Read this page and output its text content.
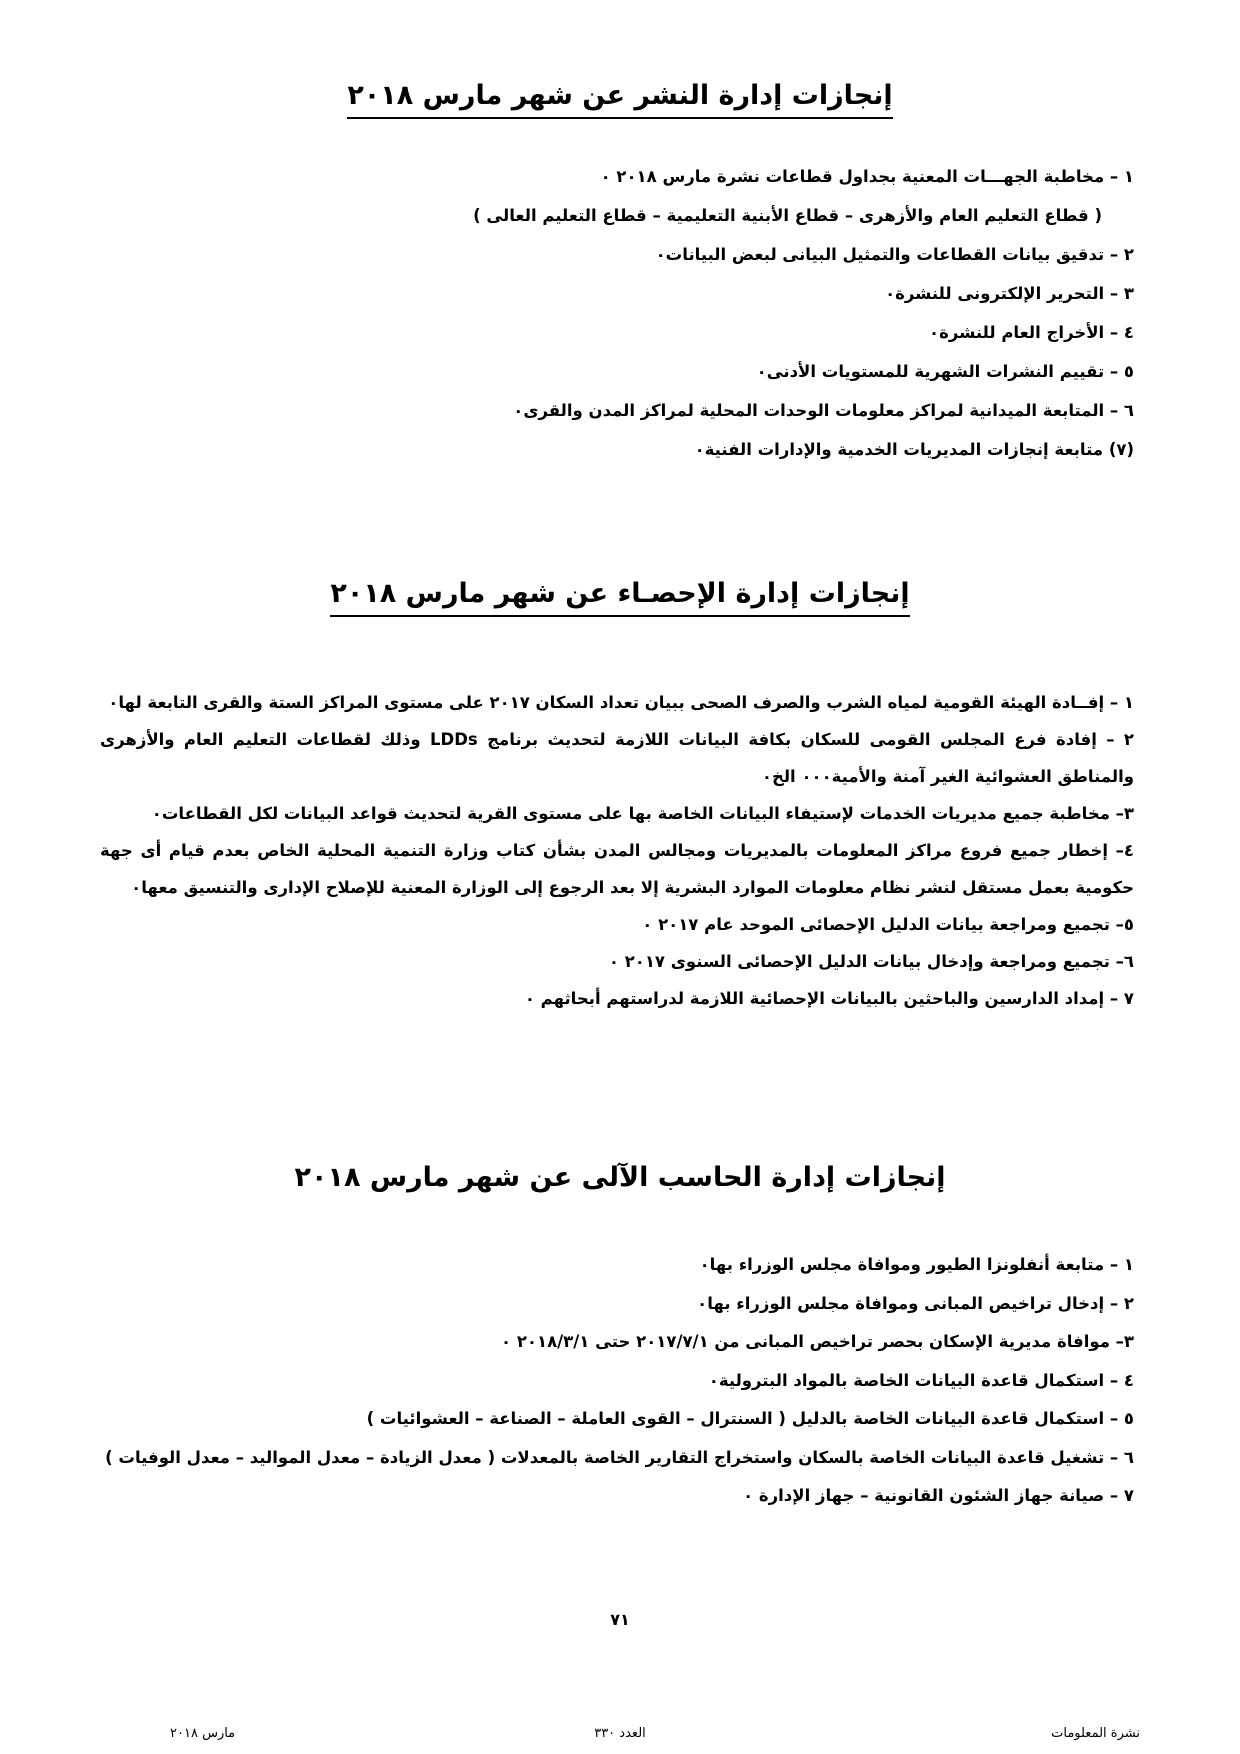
إنجازات إدارة النشر عن شهر مارس ٢٠١٨
١ – مخاطبة الجهـــات المعنية بجداول قطاعات نشرة مارس ٢٠١٨ ٠
( قطاع التعليم العام والأزهرى – قطاع الأبنية التعليمية – قطاع التعليم العالى )
٢ – تدقيق بيانات القطاعات والتمثيل البيانى لبعض البيانات٠
٣ – التحرير الإلكترونى للنشرة٠
٤ – الأخراج العام للنشرة٠
٥ – تقييم النشرات الشهرية للمستويات الأدنى٠
٦ – المتابعة الميدانية لمراكز معلومات الوحدات المحلية لمراكز المدن والقرى٠
(٧) متابعة إنجازات المديريات الخدمية والإدارات الفنية٠
إنجازات إدارة الإحصـاء عن شهر مارس ٢٠١٨
١ – إفــادة الهيئة القومية لمياه الشرب والصرف الصحى ببيان تعداد السكان ٢٠١٧ على مستوى المراكز الستة والقرى التابعة لها٠
٢ – إفادة فرع المجلس القومى للسكان بكافة البيانات اللازمة لتحديث برنامج LDDs وذلك لقطاعات التعليم العام والأزهرى والمناطق العشوائية الغير آمنة والأمية٠٠٠ الخ٠
٣– مخاطبة جميع مديريات الخدمات لإستيفاء البيانات الخاصة بها على مستوى القرية لتحديث قواعد البيانات لكل القطاعات٠
٤– إخطار جميع فروع مراكز المعلومات بالمديريات ومجالس المدن بشأن كتاب وزارة التنمية المحلية الخاص بعدم قيام أى جهة حكومية بعمل مستقل لنشر نظام معلومات الموارد البشرية إلا بعد الرجوع إلى الوزارة المعنية للإصلاح الإدارى والتنسيق معها٠
٥– تجميع ومراجعة بيانات الدليل الإحصائى الموحد عام ٢٠١٧ ٠
٦– تجميع ومراجعة وإدخال بيانات الدليل الإحصائى السنوى ٢٠١٧ ٠
٧ – إمداد الدارسين والباحثين بالبيانات الإحصائية اللازمة لدراستهم أبحاثهم ٠
إنجازات إدارة الحاسب الآلى عن شهر مارس ٢٠١٨
١ – متابعة أنفلونزا الطيور وموافاة مجلس الوزراء بها٠
٢ – إدخال تراخيص المبانى وموافاة مجلس الوزراء بها٠
٣– موافاة مديرية الإسكان بحصر تراخيص المبانى من ٢٠١٧/٧/١ حتى ٢٠١٨/٣/١ ٠
٤ – استكمال قاعدة البيانات الخاصة بالمواد البترولية٠
٥ – استكمال قاعدة البيانات الخاصة بالدليل ( السنترال – القوى العاملة – الصناعة – العشوائيات )
٦ – تشغيل قاعدة البيانات الخاصة بالسكان واستخراج التقارير الخاصة بالمعدلات ( معدل الزيادة – معدل المواليد – معدل الوفيات )
٧ – صيانة جهاز الشئون القانونية – جهاز الإدارة ٠
٧١
نشرة المعلومات
العدد ٣٣٠
مارس ٢٠١٨
